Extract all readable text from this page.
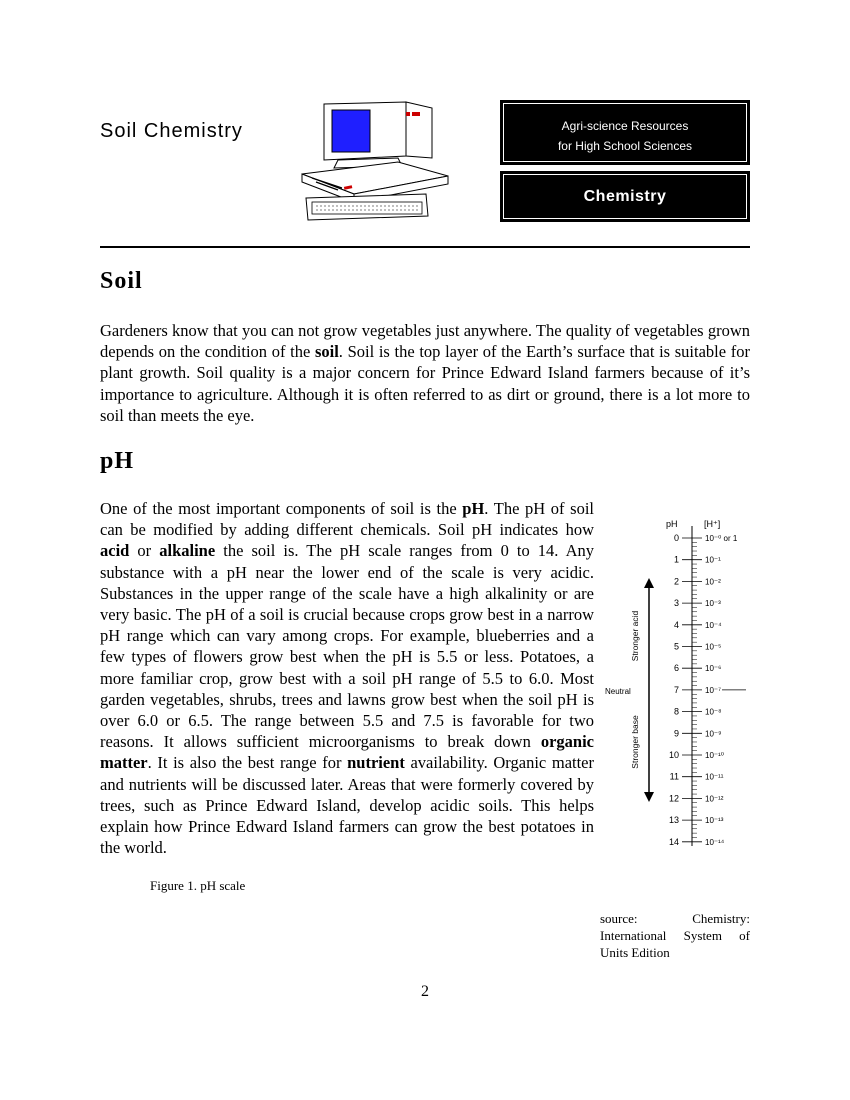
Soil Chemistry	Agri-science Resources
for High School Sciences
Chemistry
Soil

Gardeners know that you can not grow vegetables just anywhere. The quality of vegetables grown depends on the condition of the soil. Soil is the top layer of the Earth’s surface that is suitable for plant growth. Soil quality is a major concern for Prince Edward Island farmers because of it’s importance to agriculture. Although it is often referred to as dirt or ground, there is a lot more to soil than meets the eye.

pH

One of the most important components of soil is the pH. The pH of soil can be modified by adding different chemicals. Soil pH indicates how acid or alkaline the soil is. The pH scale ranges from 0 to 14. Any substance with a pH near the lower end of the scale is very acidic. Substances in the upper range of the scale have a high alkalinity or are very basic. The pH of a soil is crucial because crops grow best in a narrow pH range which can vary among crops. For example, blueberries and a few types of flowers grow best when the pH is 5.5 or less. Potatoes, a more familiar crop, grow best with a soil pH range of 5.5 to 6.0. Most garden vegetables, shrubs, trees and lawns grow best when the soil pH is over 6.0 or 6.5. The range between 5.5 and 7.5 is favorable for two reasons. It allows sufficient microorganisms to break down organic matter. It is also the best range for nutrient availability. Organic matter and nutrients will be discussed later. Areas that were formerly covered by trees, such as Prince Edward Island, develop acidic soils. This helps explain how Prince Edward Island farmers can grow the best potatoes in the world.

pH	[H⁺]
0	10⁻⁰ or 1
1	10⁻¹
2	10⁻²
3	10⁻³
4	10⁻⁴
5	10⁻⁵
6	10⁻⁶
7	10⁻⁷
8	10⁻⁸
9	10⁻⁹
10	10⁻¹⁰
11	10⁻¹¹
12	10⁻¹²
13	10⁻¹³
14	10⁻¹⁴
Stronger acid
Neutral
Stronger base
Figure 1. pH scale
source: Chemistry: International System of
Units Edition
2
